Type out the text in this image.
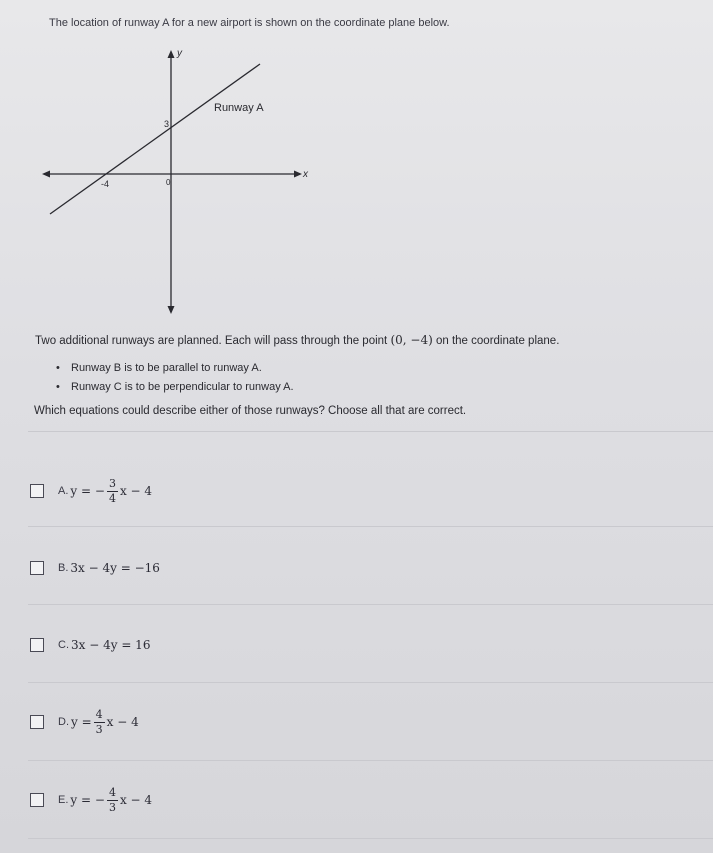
The location of runway A for a new airport is shown on the coordinate plane below.
x
y
Runway A
-4
3
0
Two additional runways are planned. Each will pass through the point (0, −4) on the coordinate plane.
• Runway B is to be parallel to runway A.
• Runway C is to be perpendicular to runway A.
Which equations could describe either of those runways? Choose all that are correct.
A. y = − $\frac{3}{4}$ x − 4
B. 3x − 4y = −16
C. 3x − 4y = 16
D. $y = \frac{4}{3}$ x − 4
E. y = − $\frac{4}{3}$ x − 4
